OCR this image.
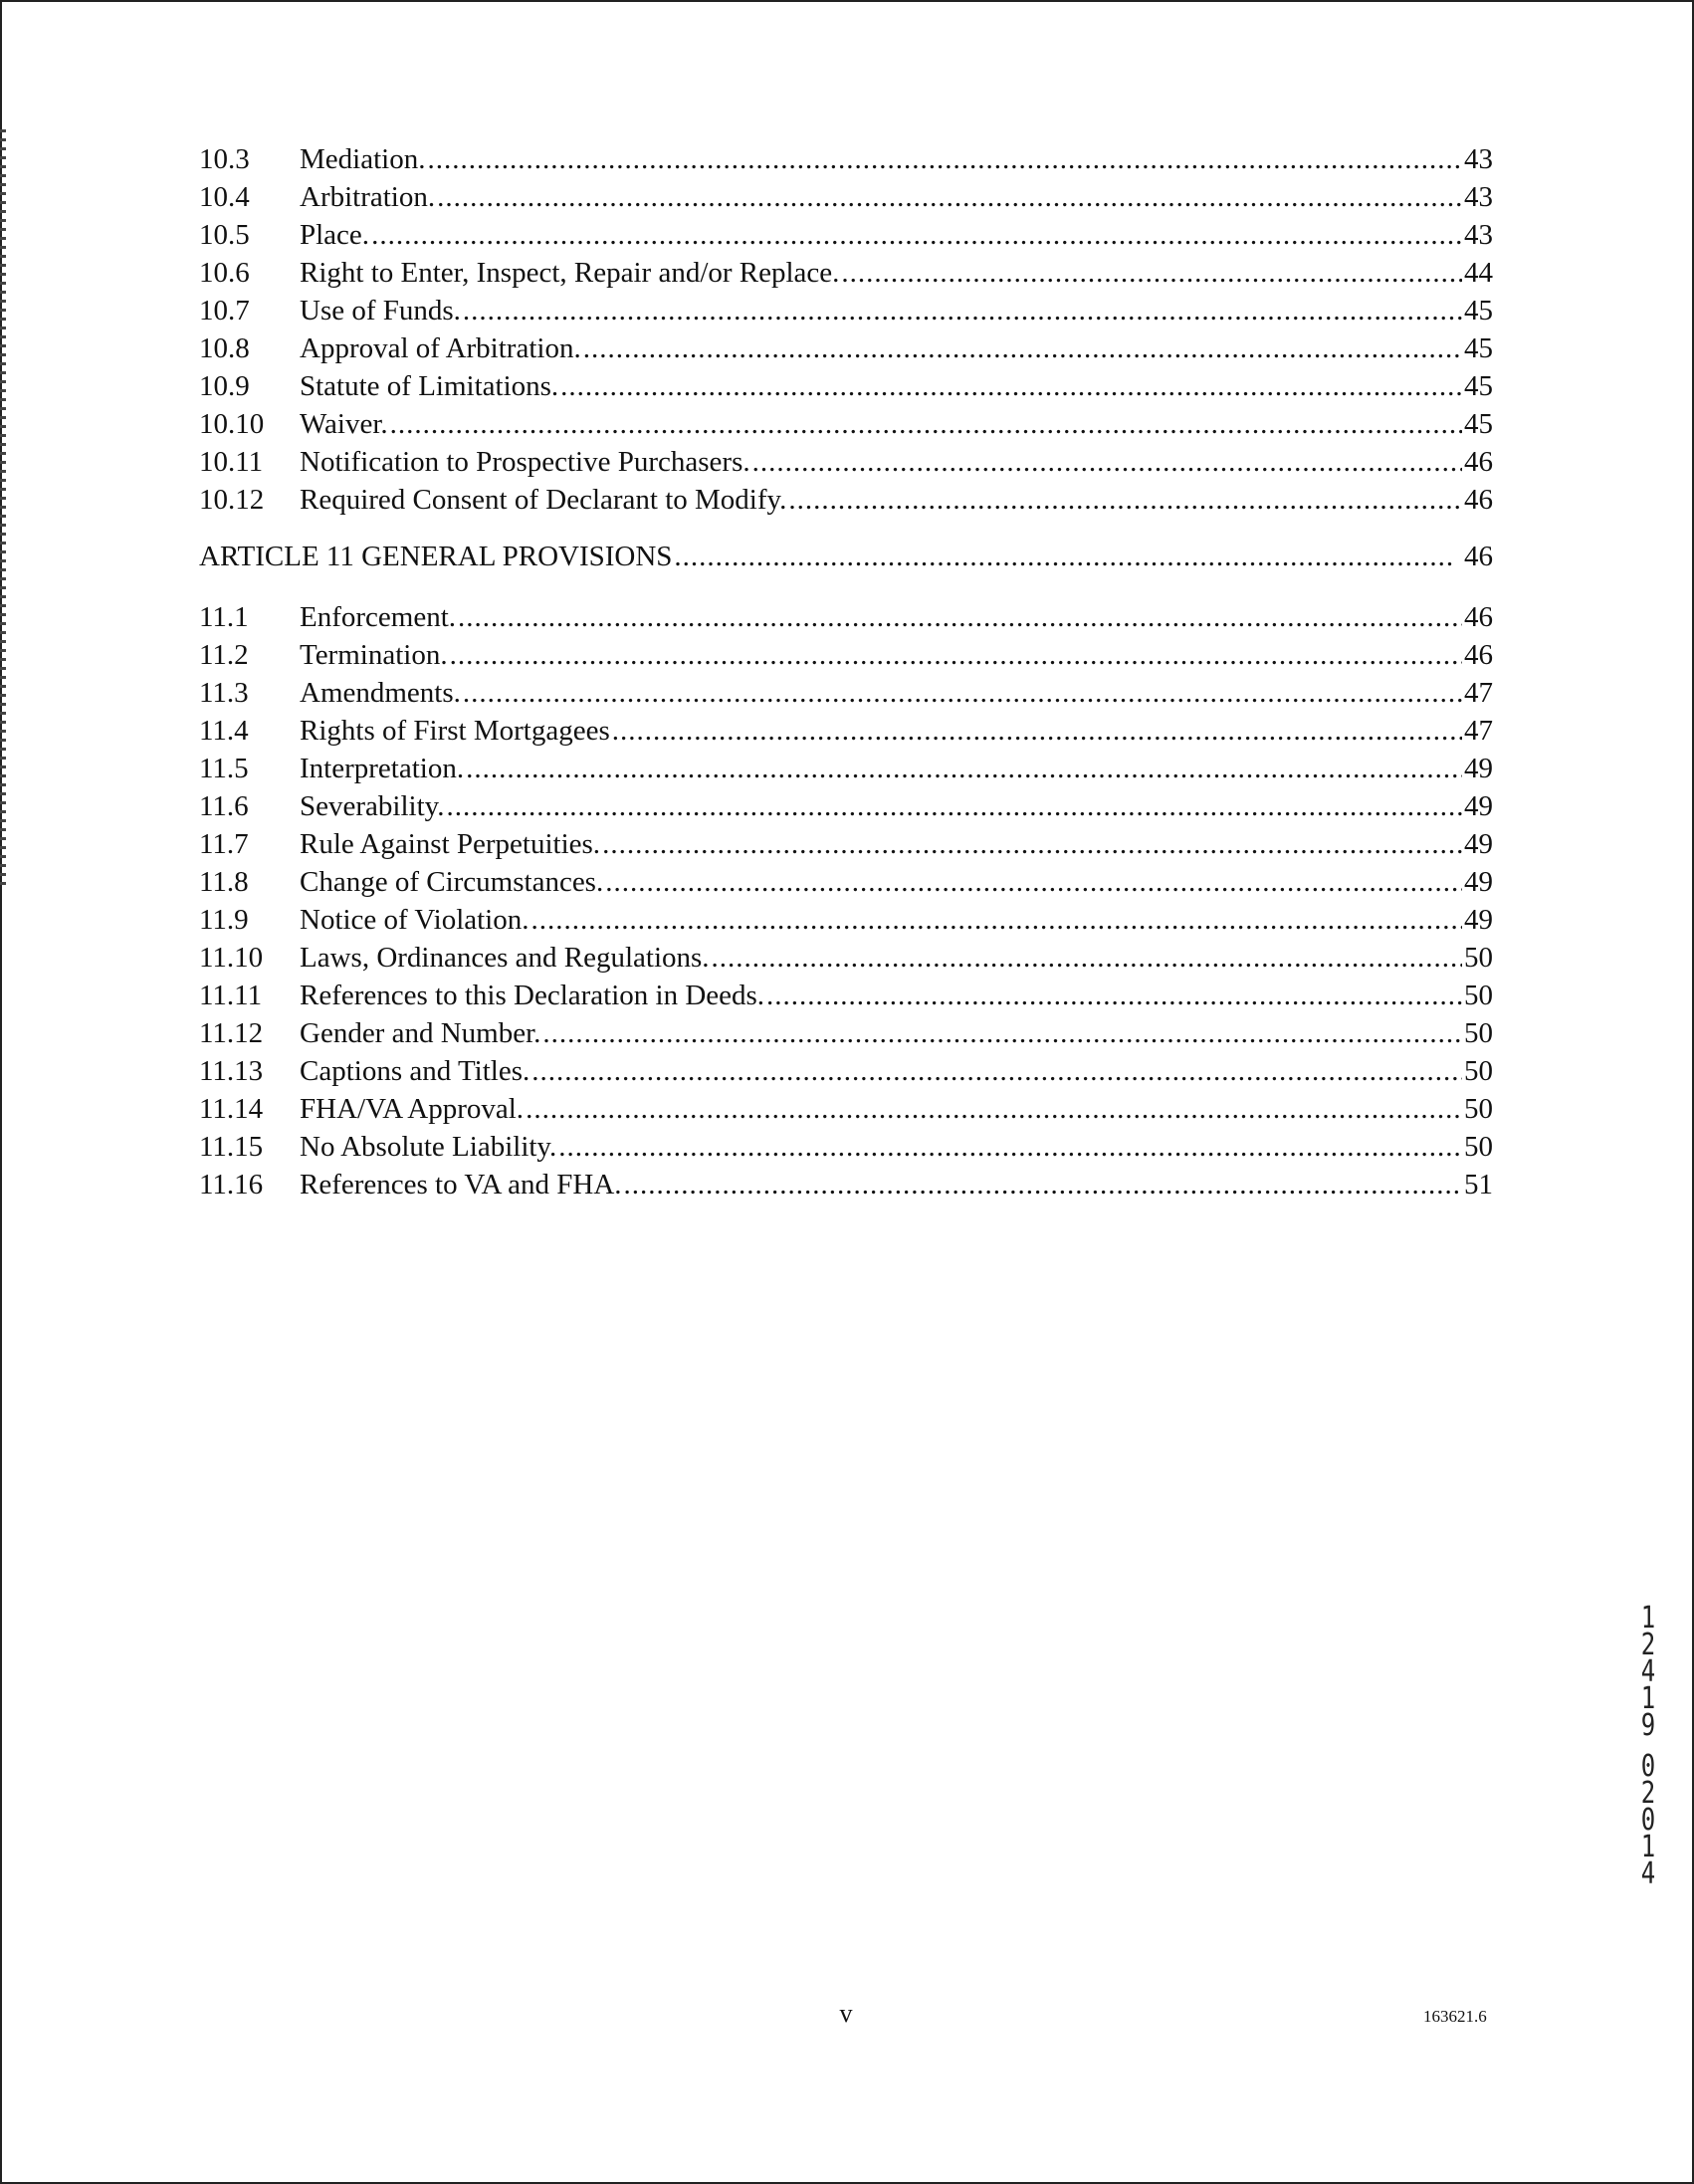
10.3	Mediation. .....	43
10.4	Arbitration. .....	43
10.5	Place. .....	43
10.6	Right to Enter, Inspect, Repair and/or Replace. .....	44
10.7	Use of Funds. .....	45
10.8	Approval of Arbitration. .....	45
10.9	Statute of Limitations. .....	45
10.10	Waiver. .....	45
10.11	Notification to Prospective Purchasers. .....	46
10.12	Required Consent of Declarant to Modify. .....	46
ARTICLE 11 GENERAL PROVISIONS .....	46
11.1	Enforcement. .....	46
11.2	Termination. .....	46
11.3	Amendments. .....	47
11.4	Rights of First Mortgagees .....	47
11.5	Interpretation. .....	49
11.6	Severability. .....	49
11.7	Rule Against Perpetuities. .....	49
11.8	Change of Circumstances. .....	49
11.9	Notice of Violation. .....	49
11.10	Laws, Ordinances and Regulations. .....	50
11.11	References to this Declaration in Deeds. .....	50
11.12	Gender and Number. .....	50
11.13	Captions and Titles. .....	50
11.14	FHA/VA Approval. .....	50
11.15	No Absolute Liability. .....	50
11.16	References to VA and FHA. .....	51
1
2
4
1
9
0
2
0
1
4
v	163621.6
